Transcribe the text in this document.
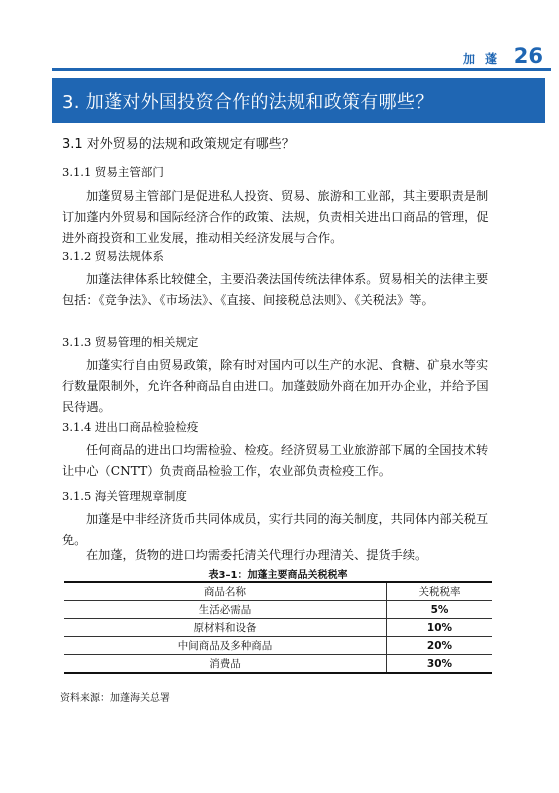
加蓬 26
3. 加蓬对外国投资合作的法规和政策有哪些？
3.1 对外贸易的法规和政策规定有哪些？
3.1.1 贸易主管部门

加蓬贸易主管部门是促进私人投资、贸易、旅游和工业部，其主要职责是制订加蓬内外贸易和国际经济合作的政策、法规，负责相关进出口商品的管理，促进外商投资和工业发展，推动相关经济发展与合作。

3.1.2 贸易法规体系

加蓬法律体系比较健全，主要沿袭法国传统法律体系。贸易相关的法律主要包括：《竞争法》、《市场法》、《直接、间接税总法则》、《关税法》等。

3.1.3 贸易管理的相关规定

加蓬实行自由贸易政策，除有时对国内可以生产的水泥、食糖、矿泉水等实行数量限制外，允许各种商品自由进口。加蓬鼓励外商在加开办企业，并给予国民待遇。

3.1.4 进出口商品检验检疫

任何商品的进出口均需检验、检疫。经济贸易工业旅游部下属的全国技术转让中心（CNTT）负责商品检验工作，农业部负责检疫工作。

3.1.5 海关管理规章制度

加蓬是中非经济货币共同体成员，实行共同的海关制度，共同体内部关税互免。

在加蓬，货物的进口均需委托清关代理行办理清关、提货手续。

表3–1：加蓬主要商品关税税率
商品名称	关税税率
生活必需品	5%
原材料和设备	10%
中间商品及多种商品	20%
消费品	30%
资料来源：加蓬海关总署
